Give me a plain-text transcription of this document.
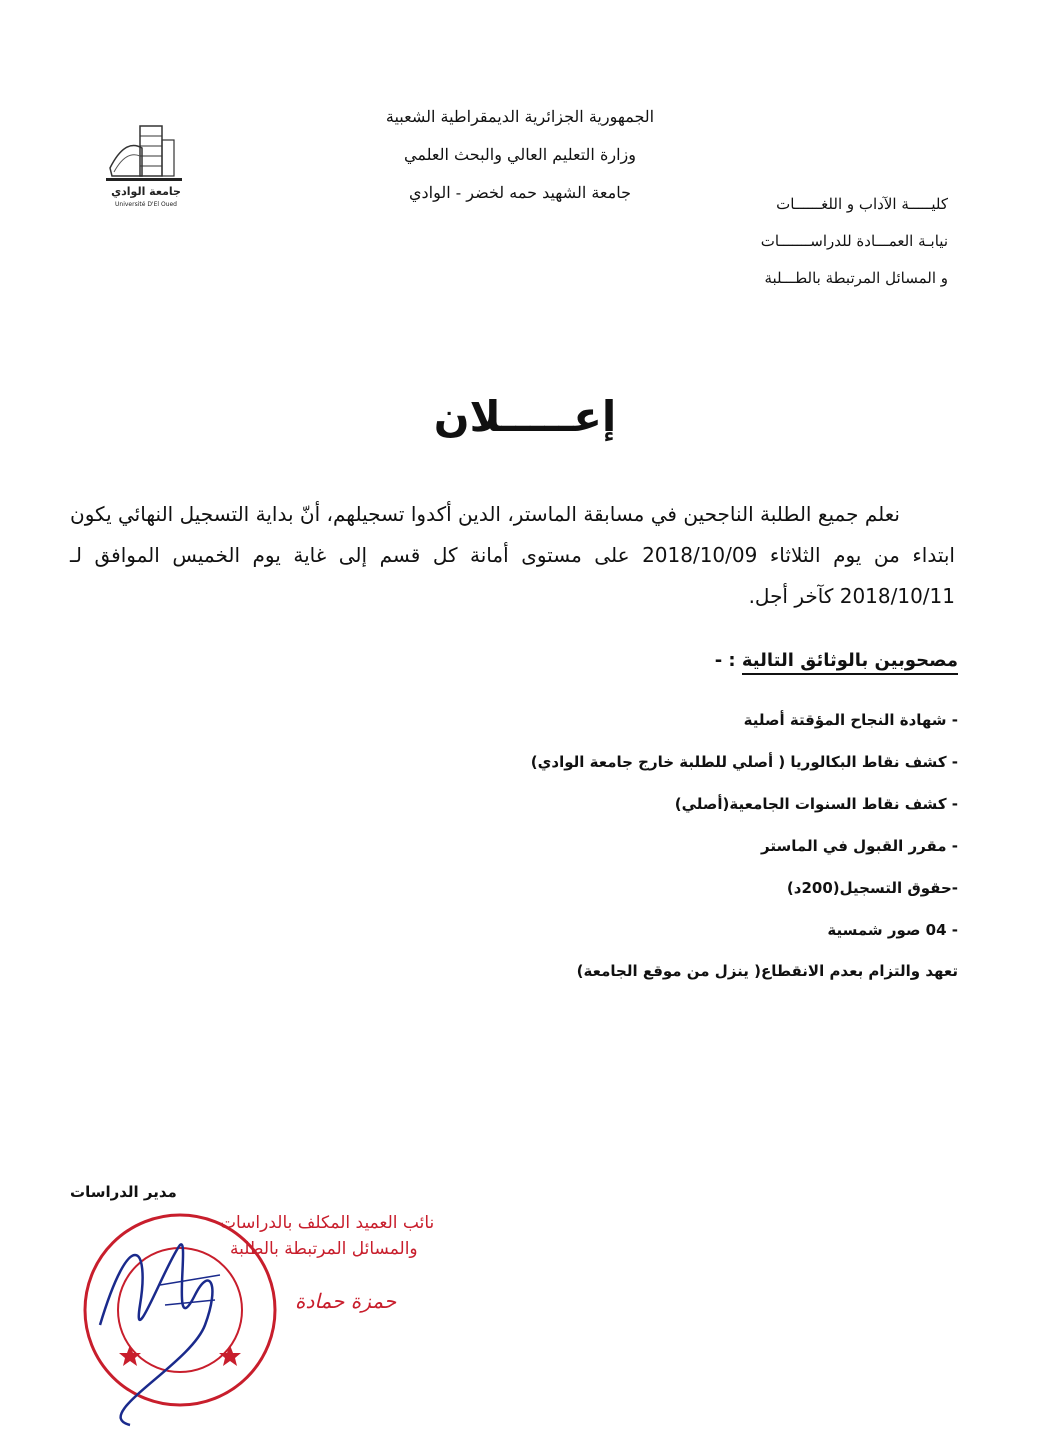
الجمهورية الجزائرية الديمقراطية الشعبية
وزارة التعليم العالي والبحث العلمي
جامعة الشهيد حمه لخضر - الوادي
جامعة الوادي
Université D'El Oued	كليـــــة الآداب و اللغــــــات
نيابـة العمـــادة للدراســـــــات
و المسائل المرتبطة بالطـــلبة
إعـــــلان

نعلم جميع الطلبة الناجحين في مسابقة الماستر، الدين أكدوا تسجيلهم، أنّ بداية التسجيل النهائي يكون ابتداء من يوم الثلاثاء 2018/10/09 على مستوى أمانة كل قسم إلى غاية يوم الخميس الموافق لـ 2018/10/11 كآخر أجل.

مصحوبين بالوثائق التالية : -
- شهادة النجاح المؤقتة أصلية
- كشف نقاط البكالوريا ( أصلي للطلبة خارج جامعة الوادي)
- كشف نقاط السنوات الجامعية(أصلي)
- مقرر القبول في الماستر
-حقوق التسجيل(200د)
- 04 صور شمسية
تعهد والتزام بعدم الانقطاع( ينزل من موقع الجامعة)
مدير الدراسات
نائب العميد المكلف بالدراسات
والمسائل المرتبطة بالطلبة
حمزة حمادة
